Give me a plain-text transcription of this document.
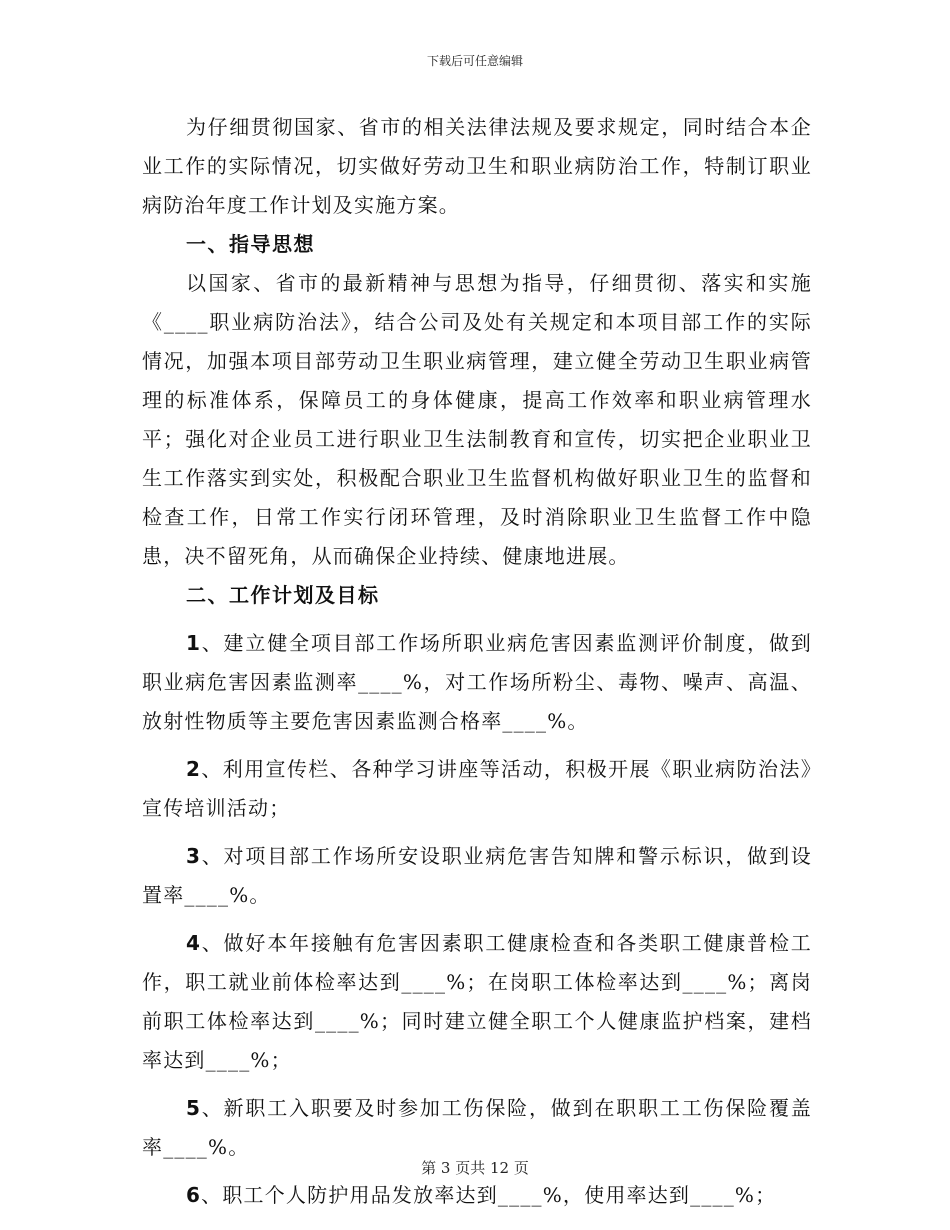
下载后可任意编辑

为仔细贯彻国家、省市的相关法律法规及要求规定，同时结合本企业工作的实际情况，切实做好劳动卫生和职业病防治工作，特制订职业病防治年度工作计划及实施方案。

一、指导思想

以国家、省市的最新精神与思想为指导，仔细贯彻、落实和实施《____职业病防治法》，结合公司及处有关规定和本项目部工作的实际情况，加强本项目部劳动卫生职业病管理，建立健全劳动卫生职业病管理的标准体系，保障员工的身体健康，提高工作效率和职业病管理水平；强化对企业员工进行职业卫生法制教育和宣传，切实把企业职业卫生工作落实到实处，积极配合职业卫生监督机构做好职业卫生的监督和检查工作，日常工作实行闭环管理，及时消除职业卫生监督工作中隐患，决不留死角，从而确保企业持续、健康地进展。

二、工作计划及目标

1、建立健全项目部工作场所职业病危害因素监测评价制度，做到职业病危害因素监测率____%，对工作场所粉尘、毒物、噪声、高温、放射性物质等主要危害因素监测合格率____%。

2、利用宣传栏、各种学习讲座等活动，积极开展《职业病防治法》宣传培训活动；

3、对项目部工作场所安设职业病危害告知牌和警示标识，做到设置率____%。

4、做好本年接触有危害因素职工健康检查和各类职工健康普检工作，职工就业前体检率达到____%；在岗职工体检率达到____%；离岗前职工体检率达到____%；同时建立健全职工个人健康监护档案，建档率达到____%；

5、新职工入职要及时参加工伤保险，做到在职职工工伤保险覆盖率____%。

6、职工个人防护用品发放率达到____%，使用率达到____%；

第 3 页共 12 页
